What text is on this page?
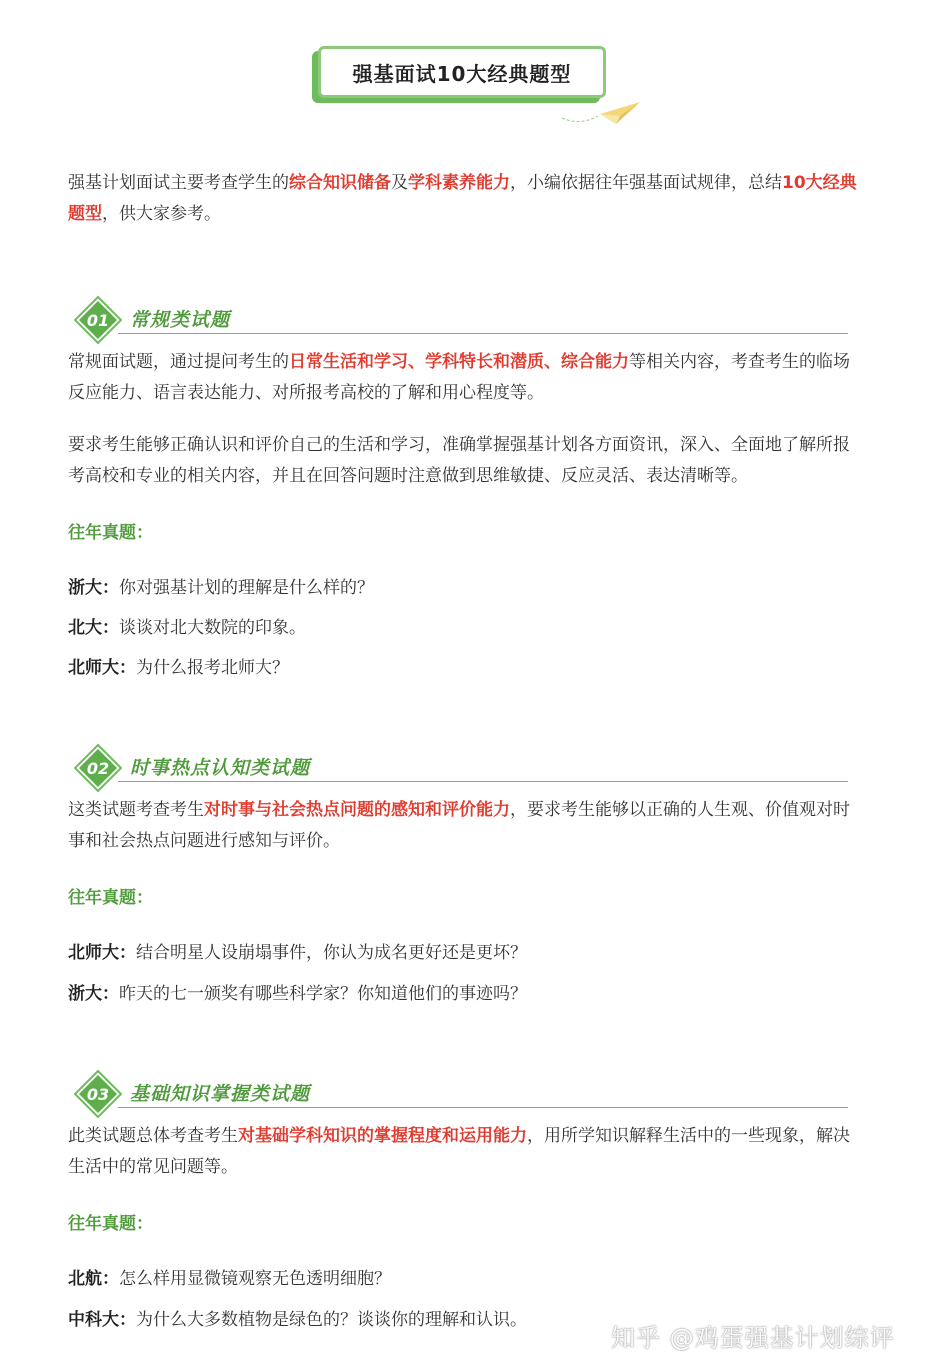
强基面试10大经典题型

强基计划面试主要考查学生的综合知识储备及学科素养能力，小编依据往年强基面试规律，总结10大经典题型，供大家参考。

01 常规类试题

常规面试题，通过提问考生的日常生活和学习、学科特长和潜质、综合能力等相关内容，考查考生的临场反应能力、语言表达能力、对所报考高校的了解和用心程度等。

要求考生能够正确认识和评价自己的生活和学习，准确掌握强基计划各方面资讯，深入、全面地了解所报考高校和专业的相关内容，并且在回答问题时注意做到思维敏捷、反应灵活、表达清晰等。

往年真题：
浙大：你对强基计划的理解是什么样的？
北大：谈谈对北大数院的印象。
北师大：为什么报考北师大？
02 时事热点认知类试题

这类试题考查考生对时事与社会热点问题的感知和评价能力，要求考生能够以正确的人生观、价值观对时事和社会热点问题进行感知与评价。

往年真题：
北师大：结合明星人设崩塌事件，你认为成名更好还是更坏？
浙大：昨天的七一颁奖有哪些科学家？你知道他们的事迹吗？
03 基础知识掌握类试题

此类试题总体考查考生对基础学科知识的掌握程度和运用能力，用所学知识解释生活中的一些现象，解决生活中的常见问题等。

往年真题：
北航：怎么样用显微镜观察无色透明细胞？
中科大：为什么大多数植物是绿色的？谈谈你的理解和认识。
知乎 @鸡蛋强基计划综评
